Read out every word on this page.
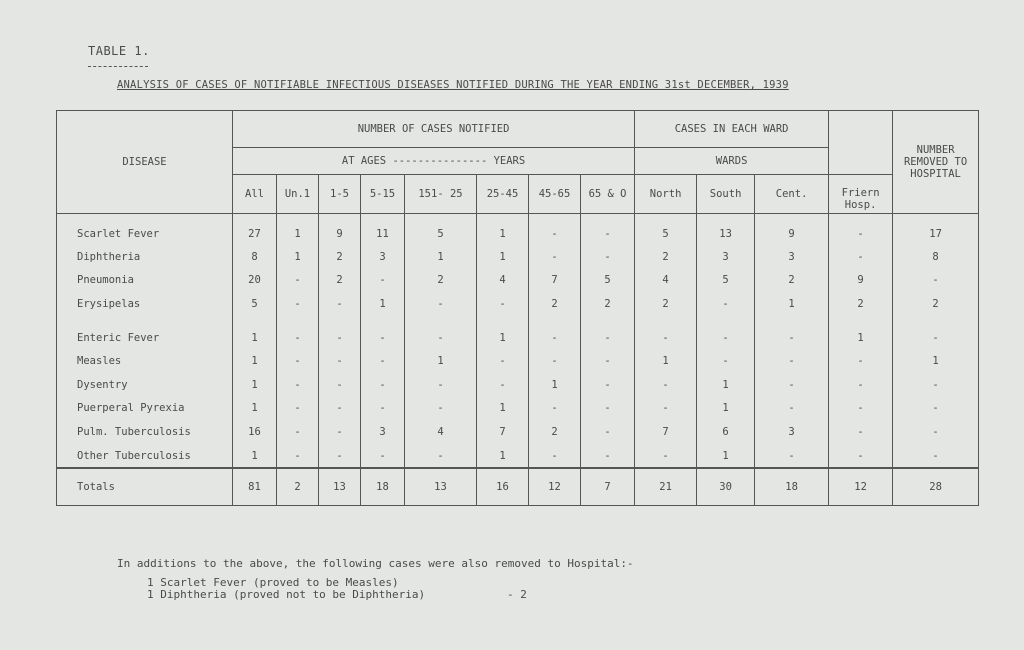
TABLE 1.
ANALYSIS OF CASES OF NOTIFIABLE INFECTIOUS DISEASES NOTIFIED DURING THE YEAR ENDING 31st DECEMBER, 1939
DISEASE	NUMBER OF CASES NOTIFIED								CASES IN EACH WARD				NUMBER REMOVED TO HOSPITAL
	AT AGES --------------- YEARS								WARDS				
	All	Un.1	1-5	5-15	151- 25	25-45	45-65	65 & O	North	South	Cent.	Friern Hosp.	
Scarlet Fever	27	1	9	11	5	1	-	-	5	13	9	-	17
Diphtheria	8	1	2	3	1	1	-	-	2	3	3	-	8
Pneumonia	20	-	2	-	2	4	7	5	4	5	2	9	-
Erysipelas	5	-	-	1	-	-	2	2	2	-	1	2	2

Enteric Fever	1	-	-	-	-	1	-	-	-	-	-	1	-
Measles	1	-	-	-	1	-	-	-	1	-	-	-	1
Dysentry	1	-	-	-	-	-	1	-	-	1	-	-	-
Puerperal Pyrexia	1	-	-	-	-	1	-	-	-	1	-	-	-
Pulm. Tuberculosis	16	-	-	3	4	7	2	-	7	6	3	-	-
Other Tuberculosis	1	-	-	-	-	1	-	-	-	1	-	-	-
Totals	81	2	13	18	13	16	12	7	21	30	18	12	28
In additions to the above, the following cases were also removed to Hospital:-
1 Scarlet Fever (proved to be Measles)
1 Diphtheria (proved not to be Diphtheria)	- 2
